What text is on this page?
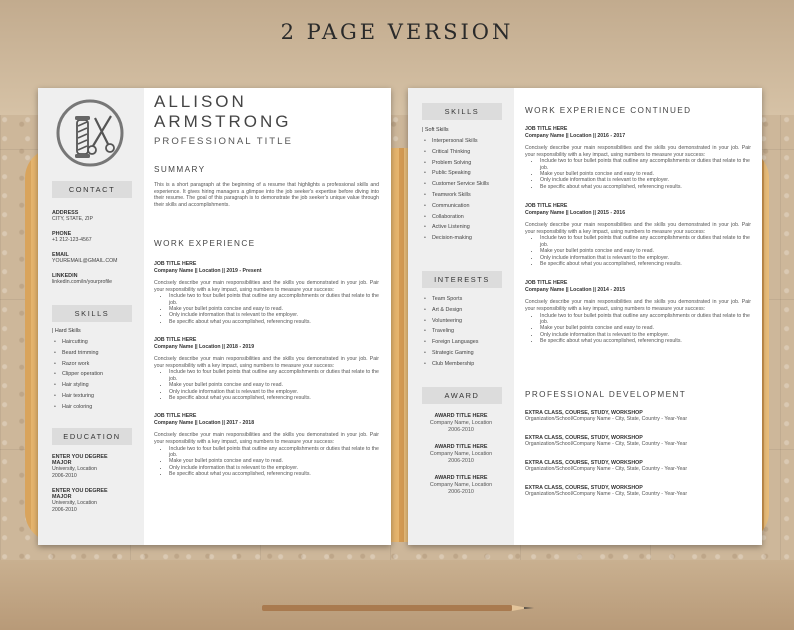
2 PAGE VERSION
ALLISON
ARMSTRONG
PROFESSIONAL TITLE
CONTACT
ADDRESS
CITY, STATE, ZIP
PHONE
+1 212-123-4567
EMAIL
YOUREMAIL@GMAIL.COM
LINKEDIN
linkedin.com/in/yourprofile
SKILLS
| Hard Skills
• Haircutting
• Beard trimming
• Razor work
• Clipper operation
• Hair styling
• Hair texturing
• Hair coloring
EDUCATION
ENTER YOU DEGREE
MAJOR
University, Location
2006-2010
ENTER YOU DEGREE
MAJOR
University, Location
2006-2010
SUMMARY
This is a short paragraph at the beginning of a resume that highlights a professional skills and experience. It gives hiring managers a glimpse into the job seeker's expertise before diving into their resume. The goal of this paragraph is to demonstrate the job seeker's unique value through their skills and accomplishments.
WORK EXPERIENCE
JOB TITLE HERE
Company Name || Location || 2019 - Present
Concisely describe your main responsibilities and the skills you demonstrated in your job. Pair your responsibility with a key impact, using numbers to measure your success:
• Include two to four bullet points that outline any accomplishments or duties that relate to the job.
• Make your bullet points concise and easy to read.
• Only include information that is relevant to the employer.
• Be specific about what you accomplished, referencing results.
JOB TITLE HERE
Company Name || Location || 2018 - 2019
Concisely describe your main responsibilities and the skills you demonstrated in your job. Pair your responsibility with a key impact, using numbers to measure your success:
• Include two to four bullet points that outline any accomplishments or duties that relate to the job.
• Make your bullet points concise and easy to read.
• Only include information that is relevant to the employer.
• Be specific about what you accomplished, referencing results.
JOB TITLE HERE
Company Name || Location || 2017 - 2018
Concisely describe your main responsibilities and the skills you demonstrated in your job. Pair your responsibility with a key impact, using numbers to measure your success:
• Include two to four bullet points that outline any accomplishments or duties that relate to the job.
• Make your bullet points concise and easy to read.
• Only include information that is relevant to the employer.
• Be specific about what you accomplished, referencing results.
SKILLS
| Soft Skills
• Interpersonal Skills
• Critical Thinking
• Problem Solving
• Public Speaking
• Customer Service Skills
• Teamwork Skills
• Communication
• Collaboration
• Active Listening
• Decision-making
INTERESTS
• Team Sports
• Art & Design
• Volunteering
• Traveling
• Foreign Languages
• Strategic Gaming
• Club Membership
AWARD
AWARD TITLE HERE
Company Name, Location
2006-2010
AWARD TITLE HERE
Company Name, Location
2006-2010
AWARD TITLE HERE
Company Name, Location
2006-2010
WORK EXPERIENCE CONTINUED
JOB TITLE HERE
Company Name || Location || 2016 - 2017
Concisely describe your main responsibilities and the skills you demonstrated in your job. Pair your responsibility with a key impact, using numbers to measure your success:
• Include two to four bullet points that outline any accomplishments or duties that relate to the job.
• Make your bullet points concise and easy to read.
• Only include information that is relevant to the employer.
• Be specific about what you accomplished, referencing results.
JOB TITLE HERE
Company Name || Location || 2015 - 2016
Concisely describe your main responsibilities and the skills you demonstrated in your job. Pair your responsibility with a key impact, using numbers to measure your success:
• Include two to four bullet points that outline any accomplishments or duties that relate to the job.
• Make your bullet points concise and easy to read.
• Only include information that is relevant to the employer.
• Be specific about what you accomplished, referencing results.
JOB TITLE HERE
Company Name || Location || 2014 - 2015
Concisely describe your main responsibilities and the skills you demonstrated in your job. Pair your responsibility with a key impact, using numbers to measure your success:
• Include two to four bullet points that outline any accomplishments or duties that relate to the job.
• Make your bullet points concise and easy to read.
• Only include information that is relevant to the employer.
• Be specific about what you accomplished, referencing results.
PROFESSIONAL DEVELOPMENT
EXTRA CLASS, COURSE, STUDY, WORKSHOP
Organization/School/Company Name - City, State, Country - Year-Year
EXTRA CLASS, COURSE, STUDY, WORKSHOP
Organization/School/Company Name - City, State, Country - Year-Year
EXTRA CLASS, COURSE, STUDY, WORKSHOP
Organization/School/Company Name - City, State, Country - Year-Year
EXTRA CLASS, COURSE, STUDY, WORKSHOP
Organization/School/Company Name - City, State, Country - Year-Year
